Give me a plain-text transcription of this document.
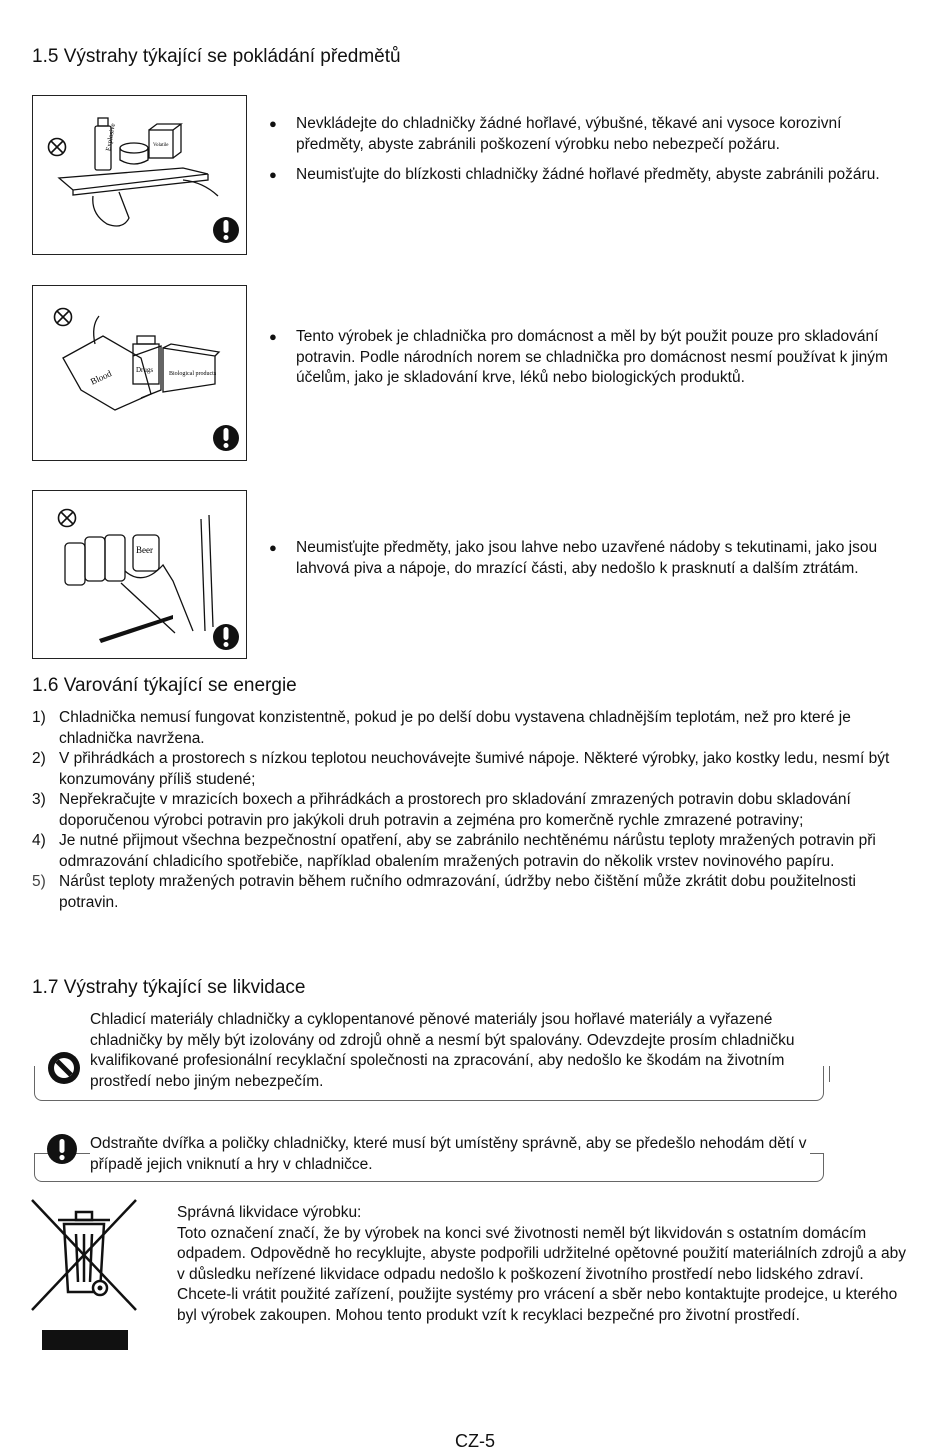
1.5 Výstrahy týkající se pokládání předmětů
Explosive	Volatile
● Nevkládejte do chladničky žádné hořlavé, výbušné, těkavé ani vysoce korozivní předměty, abyste zabránili poškození výrobku nebo nebezpečí požáru.
● Neumisťujte do blízkosti chladničky žádné hořlavé předměty, abyste zabránili požáru.
Blood	Drugs	Biological products
● Tento výrobek je chladnička pro domácnost a měl by být použit pouze pro skladování potravin. Podle národních norem se chladnička pro domácnost nesmí používat k jiným účelům, jako je skladování krve, léků nebo biologických produktů.
Beer
●	Neumisťujte předměty, jako jsou lahve nebo uzavřené nádoby s tekutinami, jako jsou lahvová piva a nápoje, do mrazící části, aby nedošlo k prasknutí a dalším ztrátám.
1.6 Varování týkající se energie
1) Chladnička nemusí fungovat konzistentně, pokud je po delší dobu vystavena chladnějším teplotám, než pro které je chladnička navržena.
2) V přihrádkách a prostorech s nízkou teplotou neuchovávejte šumivé nápoje. Některé výrobky, jako kostky ledu, nesmí být konzumovány příliš studené;
3) Nepřekračujte v mrazicích boxech a přihrádkách a prostorech pro skladování zmrazených potravin dobu skladování doporučenou výrobci potravin pro jakýkoli druh potravin a zejména pro komerčně rychle zmrazené potraviny;
4) Je nutné přijmout všechna bezpečnostní opatření, aby se zabránilo nechtěnému nárůstu teploty mražených potravin při odmrazování chladicího spotřebiče, například obalením mražených potravin do několik vrstev novinového papíru.
5) Nárůst teploty mražených potravin během ručního odmrazování, údržby nebo čištění může zkrátit dobu použitelnosti potravin.
1.7 Výstrahy týkající se likvidace
Chladicí materiály chladničky a cyklopentanové pěnové materiály jsou hořlavé materiály a vyřazené chladničky by měly být izolovány od zdrojů ohně a nesmí být spalovány. Odevzdejte prosím chladničku kvalifikované profesionální recyklační společnosti na zpracování, aby nedošlo ke škodám na životním prostředí nebo jiným nebezpečím.
Odstraňte dvířka a poličky chladničky, které musí být umístěny správně, aby se předešlo nehodám dětí v případě jejich vniknutí a hry v chladničce.
Správná likvidace výrobku:
Toto označení značí, že by výrobek na konci své životnosti neměl být likvidován s ostatním domácím odpadem. Odpovědně ho recyklujte, abyste podpořili udržitelné opětovné použití materiálních zdrojů a aby v důsledku neřízené likvidace odpadu nedošlo k poškození životního prostředí nebo lidského zdraví. Chcete-li vrátit použité zařízení, použijte systémy pro vrácení a sběr nebo kontaktujte prodejce, u kterého byl výrobek zakoupen. Mohou tento produkt vzít k recyklaci bezpečné pro životní prostředí.
CZ-5
